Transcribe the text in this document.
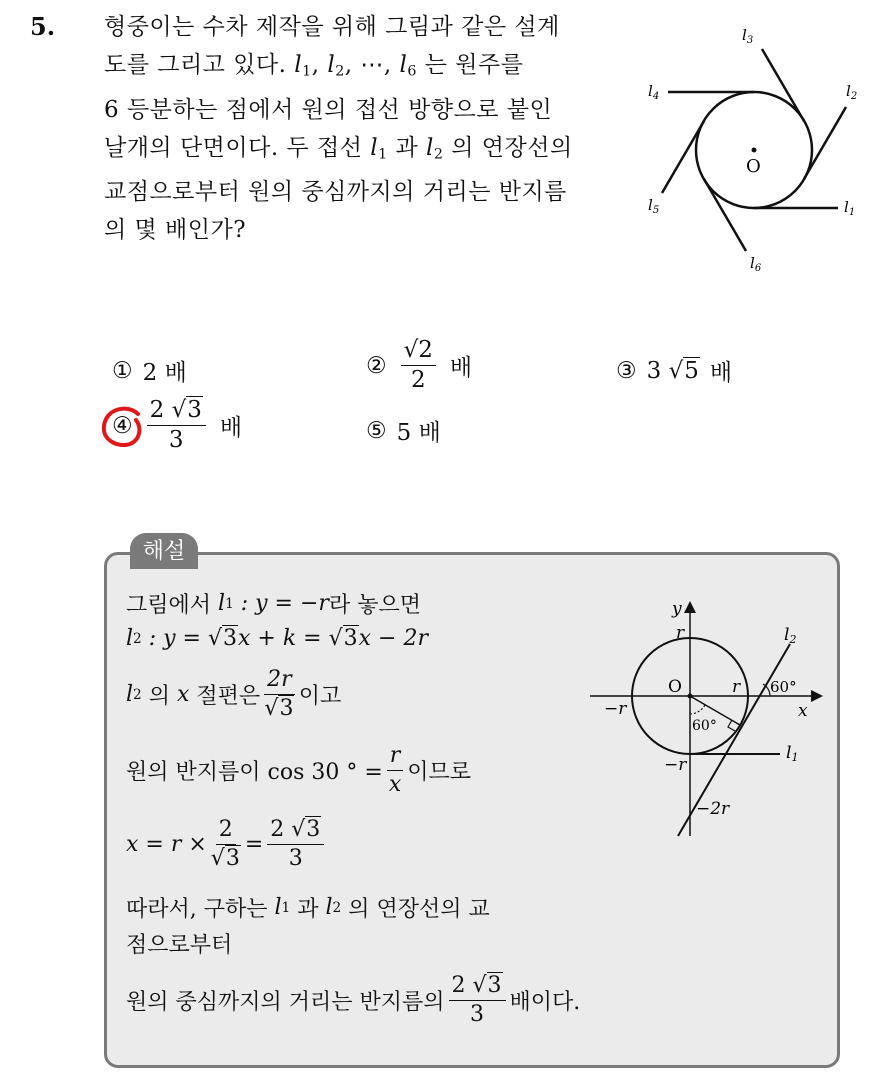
5. 형중이는 수차 제작을 위해 그림과 같은 설계
도를 그리고 있다. $l_1$, $l_2$, ⋯, $l_6$ 는 원주를
6 등분하는 점에서 원의 접선 방향으로 붙인
날개의 단면이다. 두 접선 $l_1$ 과 $l_2$ 의 연장선의
교점으로부터 원의 중심까지의 거리는 반지름
의 몇 배인가?
O
$l_1$
$l_2$
$l_3$
$l_4$
$l_5$
$l_6$
① 2 배	② $\frac{√2}{2}$ 배	③ 3 √5 배
④ $\frac{2 √3}{3}$ 배	⑤ 5 배
해설
그림에서
l 1
: y = −r 라 놓으면
l 2
: y =
√3 x + k =
√3 x − 2r
l 2
의
x
절편은 $\frac{2r}{√3}$ 이고
원의 반지름이 cos 30 ° = $\frac{r}{x}$ 이므로
$x = r \times \frac{2}{√3} = \frac{2 √3}{3}$
따라서, 구하는
l 1
과
l 2
의 연장선의 교
점으로부터
원의 중심까지의 거리는 반지름의 $\frac{2 √3}{3}$ 배이다.
O
x
y
r
r
−r
−r
−2r
60°
60°
l2
l1
